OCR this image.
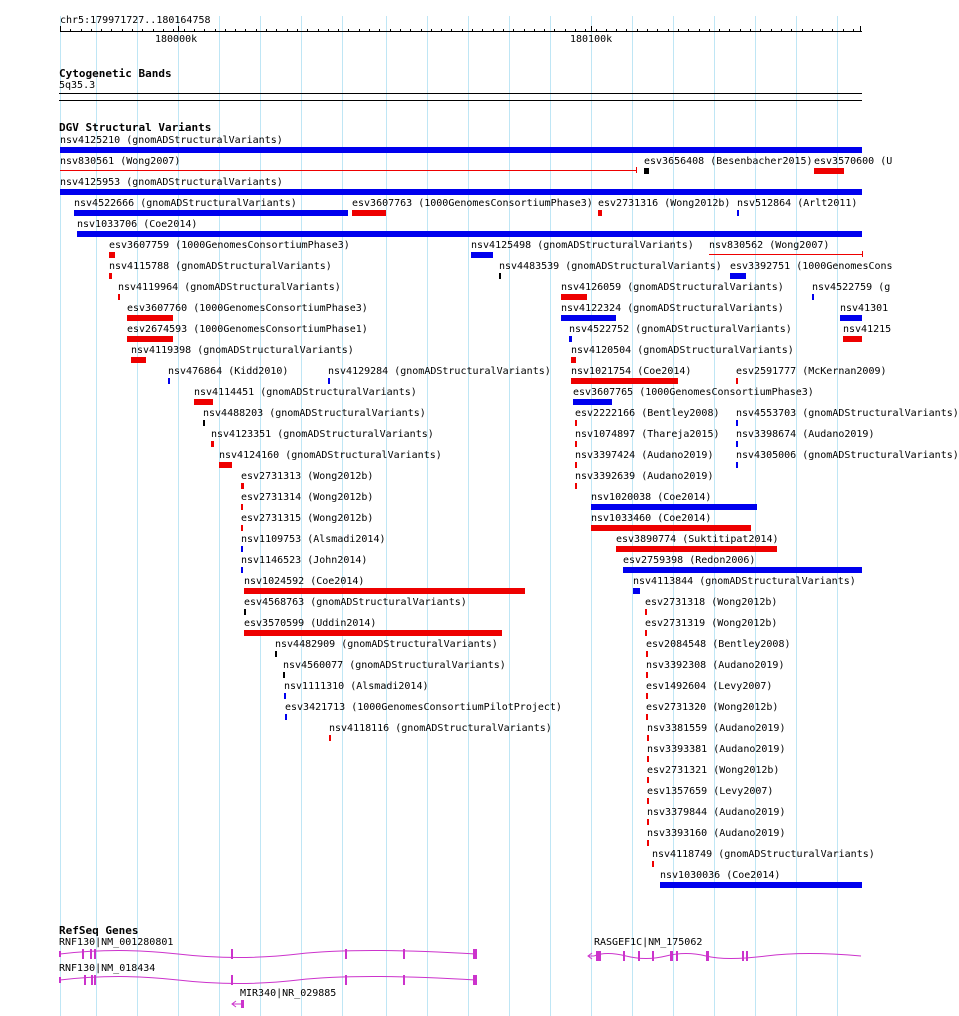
chr5:179971727..180164758
180000k	180100k
Cytogenetic Bands
5q35.3
DGV Structural Variants
nsv4125210 (gnomADStructuralVariants)
nsv830561 (Wong2007)	esv3656408 (Besenbacher2015) esv3570600 (U
nsv4125953 (gnomADStructuralVariants)
nsv4522666 (gnomADStructuralVariants)	esv3607763 (1000GenomesConsortiumPhase3) esv2731316 (Wong2012b) nsv512864 (Arlt2011)
nsv1033706 (Coe2014)
esv3607759 (1000GenomesConsortiumPhase3)	nsv4125498 (gnomADStructuralVariants) nsv830562 (Wong2007)
nsv4115788 (gnomADStructuralVariants)	nsv4483539 (gnomADStructuralVariants) esv3392751 (1000GenomesCons
nsv4119964 (gnomADStructuralVariants)	nsv4126059 (gnomADStructuralVariants)	nsv4522759 (g
esv3607760 (1000GenomesConsortiumPhase3)	nsv4122324 (gnomADStructuralVariants)	nsv41301
esv2674593 (1000GenomesConsortiumPhase1)	nsv4522752 (gnomADStructuralVariants)	nsv41215
nsv4119398 (gnomADStructuralVariants)	nsv4120504 (gnomADStructuralVariants)
nsv476864 (Kidd2010)	nsv4129284 (gnomADStructuralVariants) nsv1021754 (Coe2014)	esv2591777 (McKernan2009)
nsv4114451 (gnomADStructuralVariants)	esv3607765 (1000GenomesConsortiumPhase3)
nsv4488203 (gnomADStructuralVariants)	esv2222166 (Bentley2008) nsv4553703 (gnomADStructuralVariants)
nsv4123351 (gnomADStructuralVariants)	nsv1074897 (Thareja2015) nsv3398674 (Audano2019)
nsv4124160 (gnomADStructuralVariants)	nsv3397424 (Audano2019) nsv4305006 (gnomADStructuralVariants)
esv2731313 (Wong2012b)	nsv3392639 (Audano2019)
esv2731314 (Wong2012b)	nsv1020038 (Coe2014)
esv2731315 (Wong2012b)	nsv1033460 (Coe2014)
nsv1109753 (Alsmadi2014)	esv3890774 (Suktitipat2014)
nsv1146523 (John2014)	esv2759398 (Redon2006)
nsv1024592 (Coe2014)	nsv4113844 (gnomADStructuralVariants)
esv4568763 (gnomADStructuralVariants)	esv2731318 (Wong2012b)
esv3570599 (Uddin2014)	esv2731319 (Wong2012b)
nsv4482909 (gnomADStructuralVariants)	esv2084548 (Bentley2008)
nsv4560077 (gnomADStructuralVariants)	nsv3392308 (Audano2019)
nsv1111310 (Alsmadi2014)	esv1492604 (Levy2007)
esv3421713 (1000GenomesConsortiumPilotProject)	esv2731320 (Wong2012b)
nsv4118116 (gnomADStructuralVariants)	nsv3381559 (Audano2019)
nsv3393381 (Audano2019)
esv2731321 (Wong2012b)
esv1357659 (Levy2007)
nsv3379844 (Audano2019)
nsv3393160 (Audano2019)
nsv4118749 (gnomADStructuralVariants)
nsv1030036 (Coe2014)
RefSeq Genes
RNF130|NM_001280801	RASGEF1C|NM_175062
RNF130|NM_018434
MIR340|NR_029885
